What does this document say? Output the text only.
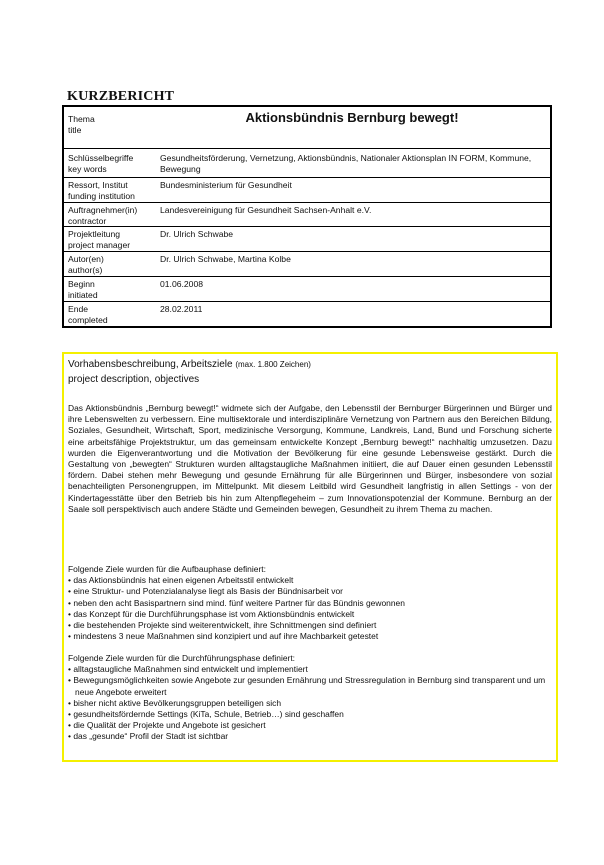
KURZBERICHT
Thema
title
Aktionsbündnis Bernburg bewegt!
Schlüsselbegriffe
key words
Gesundheitsförderung, Vernetzung, Aktionsbündnis, Nationaler Aktionsplan IN FORM, Kommune, Bewegung
Ressort, Institut
funding institution
Bundesministerium für Gesundheit
Auftragnehmer(in)
contractor
Landesvereinigung für Gesundheit Sachsen-Anhalt e.V.
Projektleitung
project manager
Dr. Ulrich Schwabe
Autor(en)
author(s)
Dr. Ulrich Schwabe, Martina Kolbe
Beginn
initiated
01.06.2008
Ende
completed
28.02.2011
Vorhabensbeschreibung, Arbeitsziele (max. 1.800 Zeichen)
project description, objectives
Das Aktionsbündnis „Bernburg bewegt!“ widmete sich der Aufgabe, den Lebensstil der Bernburger Bürgerinnen und Bürger und ihre Lebenswelten zu verbessern. Eine multisektorale und interdisziplinäre Vernetzung von Partnern aus den Bereichen Bildung, Soziales, Gesundheit, Wirtschaft, Sport, medizinische Versorgung, Kommune, Landkreis, Land, Bund und Forschung sicherte eine arbeitsfähige Projektstruktur, um das gemeinsam entwickelte Konzept „Bernburg bewegt!“ nachhaltig umzusetzen. Dazu wurden die Eigenverantwortung und die Motivation der Bevölkerung für eine gesunde Lebensweise gestärkt. Durch die Gestaltung von „bewegten“ Strukturen wurden alltagstaugliche Maßnahmen initiiert, die auf Dauer einen gesunden Lebensstil fördern. Dabei stehen mehr Bewegung und gesunde Ernährung für alle Bürgerinnen und Bürger, insbesondere von sozial benachteiligten Personengruppen, im Mittelpunkt. Mit diesem Leitbild wird Gesundheit langfristig in allen Settings - von der Kindertagesstätte über den Betrieb bis hin zum Altenpflegeheim – zum Innovationspotenzial der Kommune. Bernburg an der Saale soll perspektivisch auch andere Städte und Gemeinden bewegen, Gesundheit zu ihrem Thema zu machen.
Folgende Ziele wurden für die Aufbauphase definiert:
• das Aktionsbündnis hat einen eigenen Arbeitsstil entwickelt
• eine Struktur- und Potenzialanalyse liegt als Basis der Bündnisarbeit vor
• neben den acht Basispartnern sind mind. fünf weitere Partner für das Bündnis gewonnen
• das Konzept für die Durchführungsphase ist vom Aktionsbündnis entwickelt
• die bestehenden Projekte sind weiterentwickelt, ihre Schnittmengen sind definiert
• mindestens 3 neue Maßnahmen sind konzipiert und auf ihre Machbarkeit getestet
Folgende Ziele wurden für die Durchführungsphase definiert:
• alltagstaugliche Maßnahmen sind entwickelt und implementiert
• Bewegungsmöglichkeiten sowie Angebote zur gesunden Ernährung und Stressregulation in Bernburg sind transparent und um neue Angebote erweitert
• bisher nicht aktive Bevölkerungsgruppen beteiligen sich
• gesundheitsfördernde Settings (KiTa, Schule, Betrieb…) sind geschaffen
• die Qualität der Projekte und Angebote ist gesichert
• das „gesunde“ Profil der Stadt ist sichtbar
